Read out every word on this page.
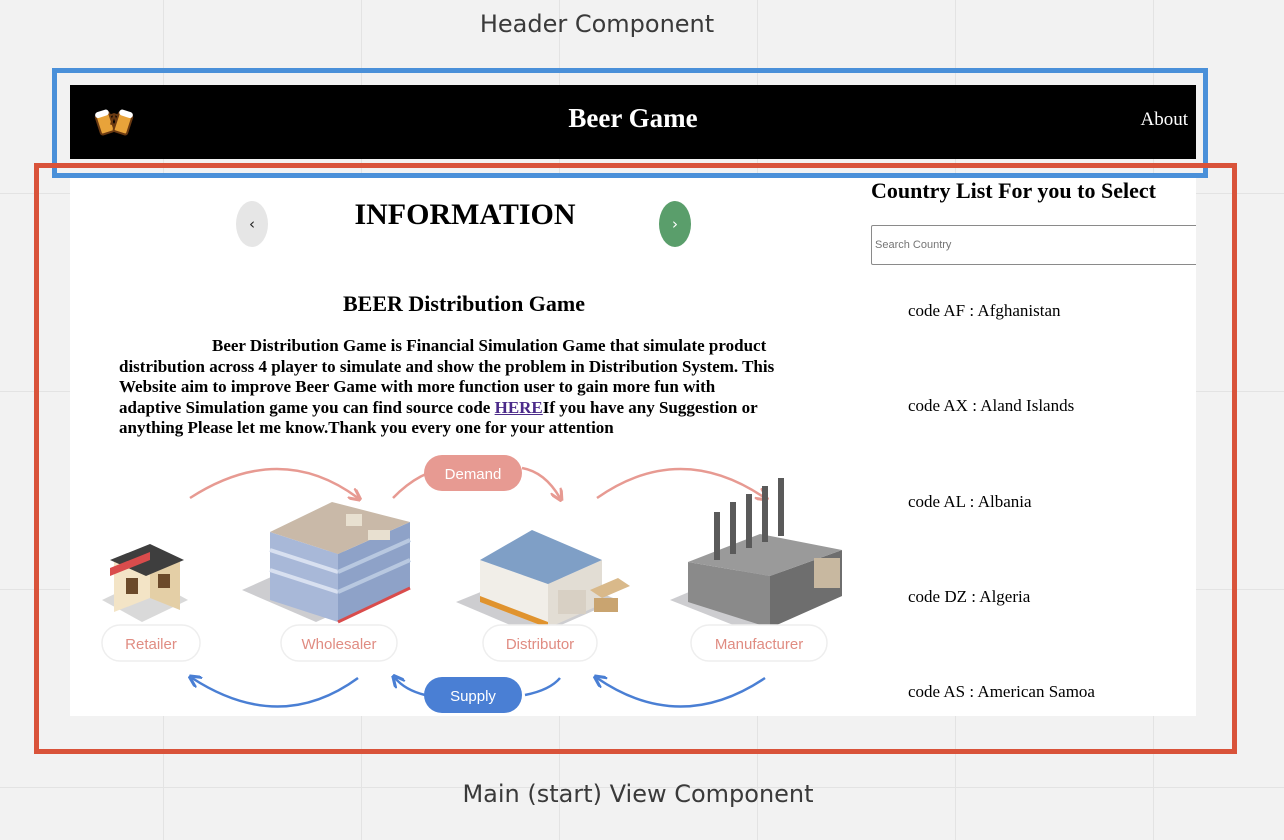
Header Component
Main (start) View Component
Beer Game	About
‹	INFORMATION	›
BEER Distribution Game
Beer Distribution Game is Financial Simulation Game that simulate product distribution across 4 player to simulate and show the problem in Distribution System. This Website aim to improve Beer Game with more function user to gain more fun with adaptive Simulation game you can find source code HEREIf you have any Suggestion or anything Please let me know.Thank you every one for your attention
Demand
Supply
Retailer	Wholesaler	Distributor	Manufacturer
Country List For you to Select
Search Country
code AF : Afghanistan
code AX : Aland Islands
code AL : Albania
code DZ : Algeria
code AS : American Samoa
